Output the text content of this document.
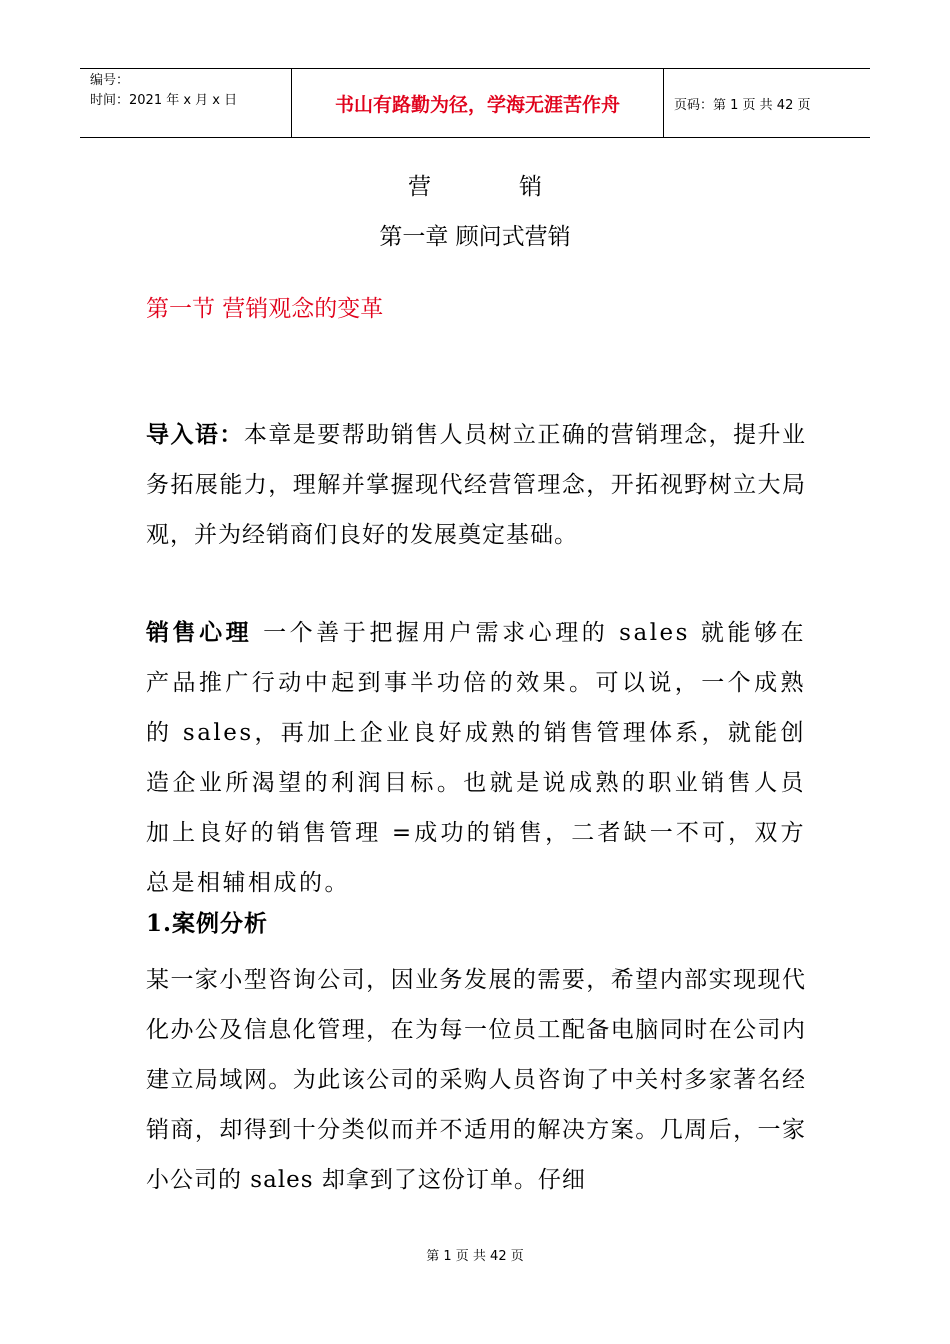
编号：
时间：2021 年 x 月 x 日	书山有路勤为径，学海无涯苦作舟	页码：第 1 页 共 42 页
营	销
第一章 顾问式营销
第一节 营销观念的变革
导入语：本章是要帮助销售人员树立正确的营销理念，提升业务拓展能力，理解并掌握现代经营管理念，开拓视野树立大局观，并为经销商们良好的发展奠定基础。
销售心理 一个善于把握用户需求心理的 sales 就能够在产品推广行动中起到事半功倍的效果。可以说，一个成熟的 sales，再加上企业良好成熟的销售管理体系，就能创造企业所渴望的利润目标。也就是说成熟的职业销售人员加上良好的销售管理 =成功的销售，二者缺一不可，双方总是相辅相成的。
1.案例分析
某一家小型咨询公司，因业务发展的需要，希望内部实现现代化办公及信息化管理，在为每一位员工配备电脑同时在公司内建立局域网。为此该公司的采购人员咨询了中关村多家著名经销商，却得到十分类似而并不适用的解决方案。几周后，一家小公司的 sales 却拿到了这份订单。仔细
第 1 页 共 42 页
